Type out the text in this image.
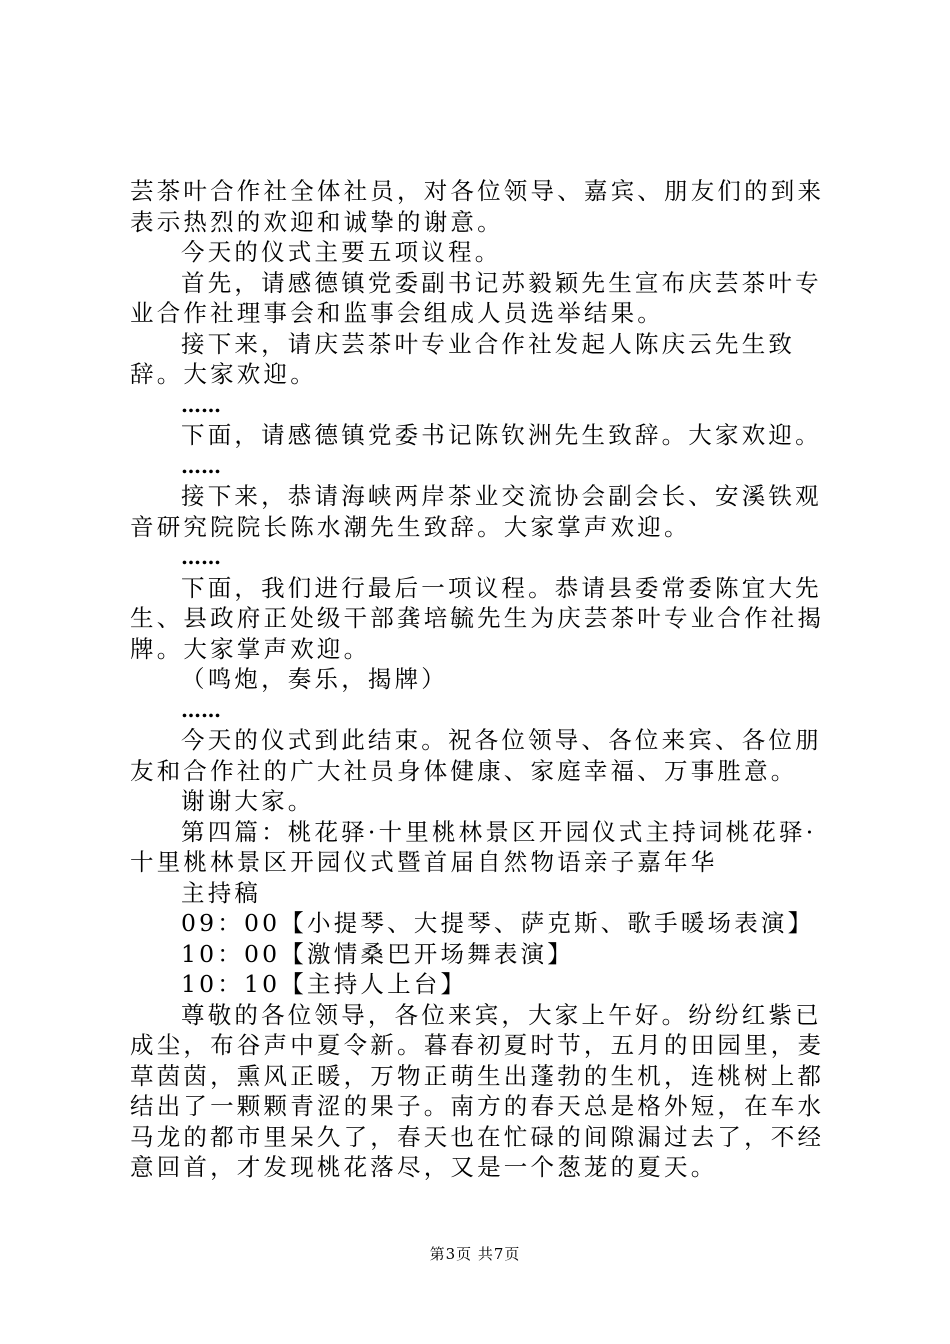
芸茶叶合作社全体社员，对各位领导、嘉宾、朋友们的到来表示热烈的欢迎和诚挚的谢意。

今天的仪式主要五项议程。

首先，请感德镇党委副书记苏毅颖先生宣布庆芸茶叶专业合作社理事会和监事会组成人员选举结果。

接下来，请庆芸茶叶专业合作社发起人陈庆云先生致辞。大家欢迎。

……

下面，请感德镇党委书记陈钦洲先生致辞。大家欢迎。

……

接下来，恭请海峡两岸茶业交流协会副会长、安溪铁观音研究院院长陈水潮先生致辞。大家掌声欢迎。

……

下面，我们进行最后一项议程。恭请县委常委陈宜大先生、县政府正处级干部龚培毓先生为庆芸茶叶专业合作社揭牌。大家掌声欢迎。

（鸣炮，奏乐，揭牌）

……

今天的仪式到此结束。祝各位领导、各位来宾、各位朋友和合作社的广大社员身体健康、家庭幸福、万事胜意。

谢谢大家。

第四篇：桃花驿·十里桃林景区开园仪式主持词桃花驿·十里桃林景区开园仪式暨首届自然物语亲子嘉年华

主持稿

09：00【小提琴、大提琴、萨克斯、歌手暖场表演】

10：00【激情桑巴开场舞表演】

10：10【主持人上台】

尊敬的各位领导，各位来宾，大家上午好。纷纷红紫已成尘，布谷声中夏令新。暮春初夏时节，五月的田园里，麦草茵茵，熏风正暖，万物正萌生出蓬勃的生机，连桃树上都结出了一颗颗青涩的果子。南方的春天总是格外短，在车水马龙的都市里呆久了，春天也在忙碌的间隙漏过去了，不经意回首，才发现桃花落尽，又是一个葱茏的夏天。

第3页 共7页
